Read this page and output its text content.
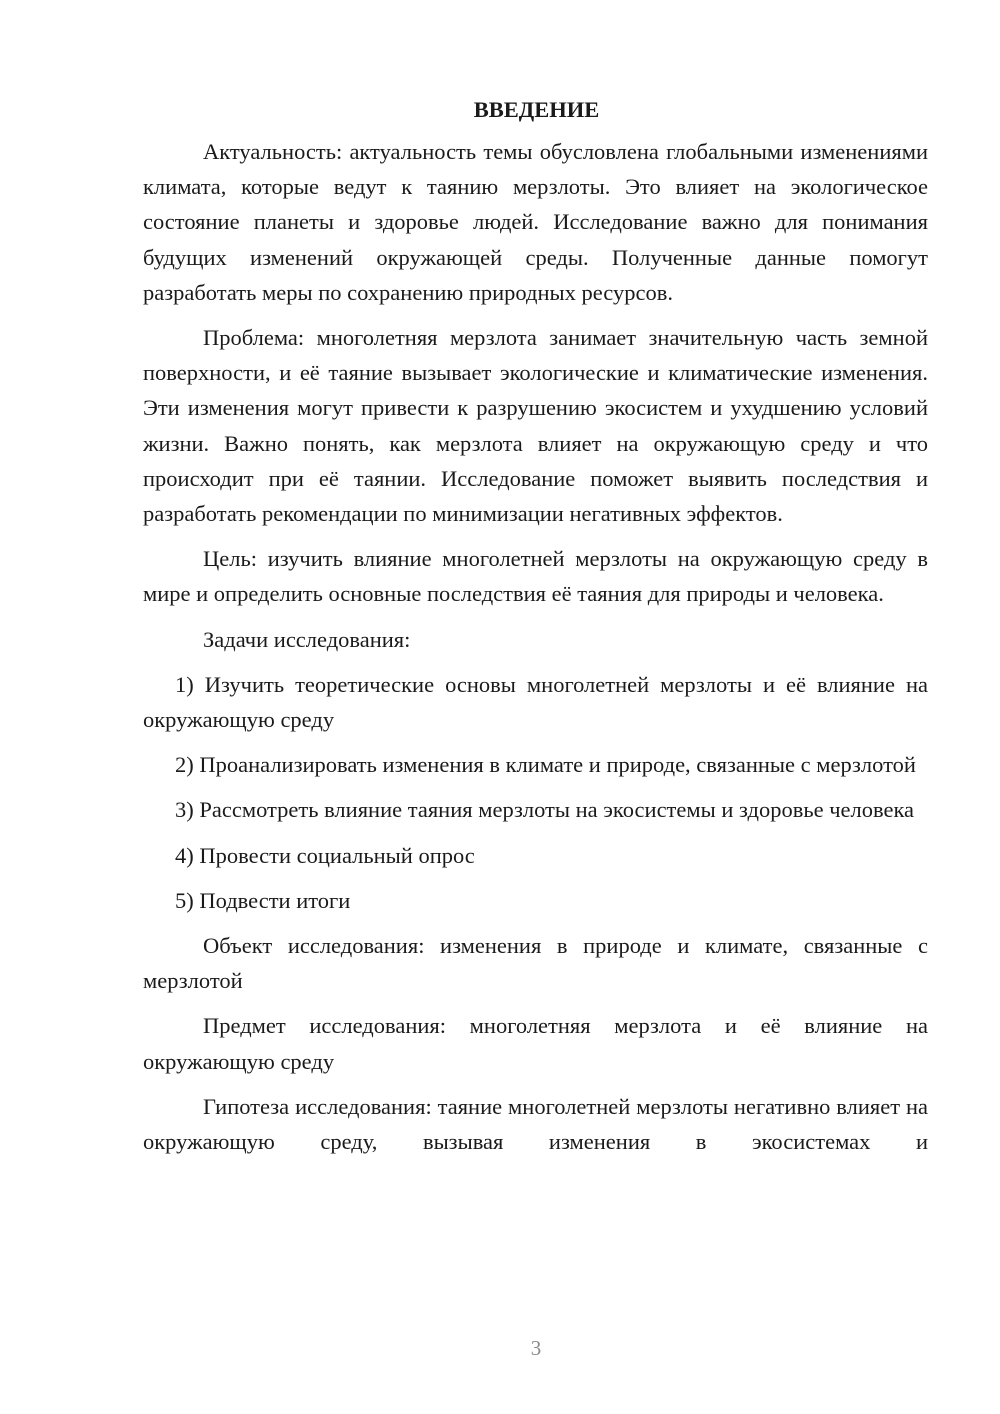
ВВЕДЕНИЕ

Актуальность: актуальность темы обусловлена глобальными изменениями климата, которые ведут к таянию мерзлоты. Это влияет на экологическое состояние планеты и здоровье людей. Исследование важно для понимания будущих изменений окружающей среды. Полученные данные помогут разработать меры по сохранению природных ресурсов.

Проблема: многолетняя мерзлота занимает значительную часть земной поверхности, и её таяние вызывает экологические и климатические изменения. Эти изменения могут привести к разрушению экосистем и ухудшению условий жизни. Важно понять, как мерзлота влияет на окружающую среду и что происходит при её таянии. Исследование поможет выявить последствия и разработать рекомендации по минимизации негативных эффектов.

Цель: изучить влияние многолетней мерзлоты на окружающую среду в мире и определить основные последствия её таяния для природы и человека.

Задачи исследования:

1) Изучить теоретические основы многолетней мерзлоты и её влияние на окружающую среду

2) Проанализировать изменения в климате и природе, связанные с мерзлотой

3) Рассмотреть влияние таяния мерзлоты на экосистемы и здоровье человека

4) Провести социальный опрос

5) Подвести итоги

Объект исследования: изменения в природе и климате, связанные с мерзлотой

Предмет исследования: многолетняя мерзлота и её влияние на окружающую среду

Гипотеза исследования: таяние многолетней мерзлоты негативно влияет на окружающую среду, вызывая изменения в экосистемах и

3
